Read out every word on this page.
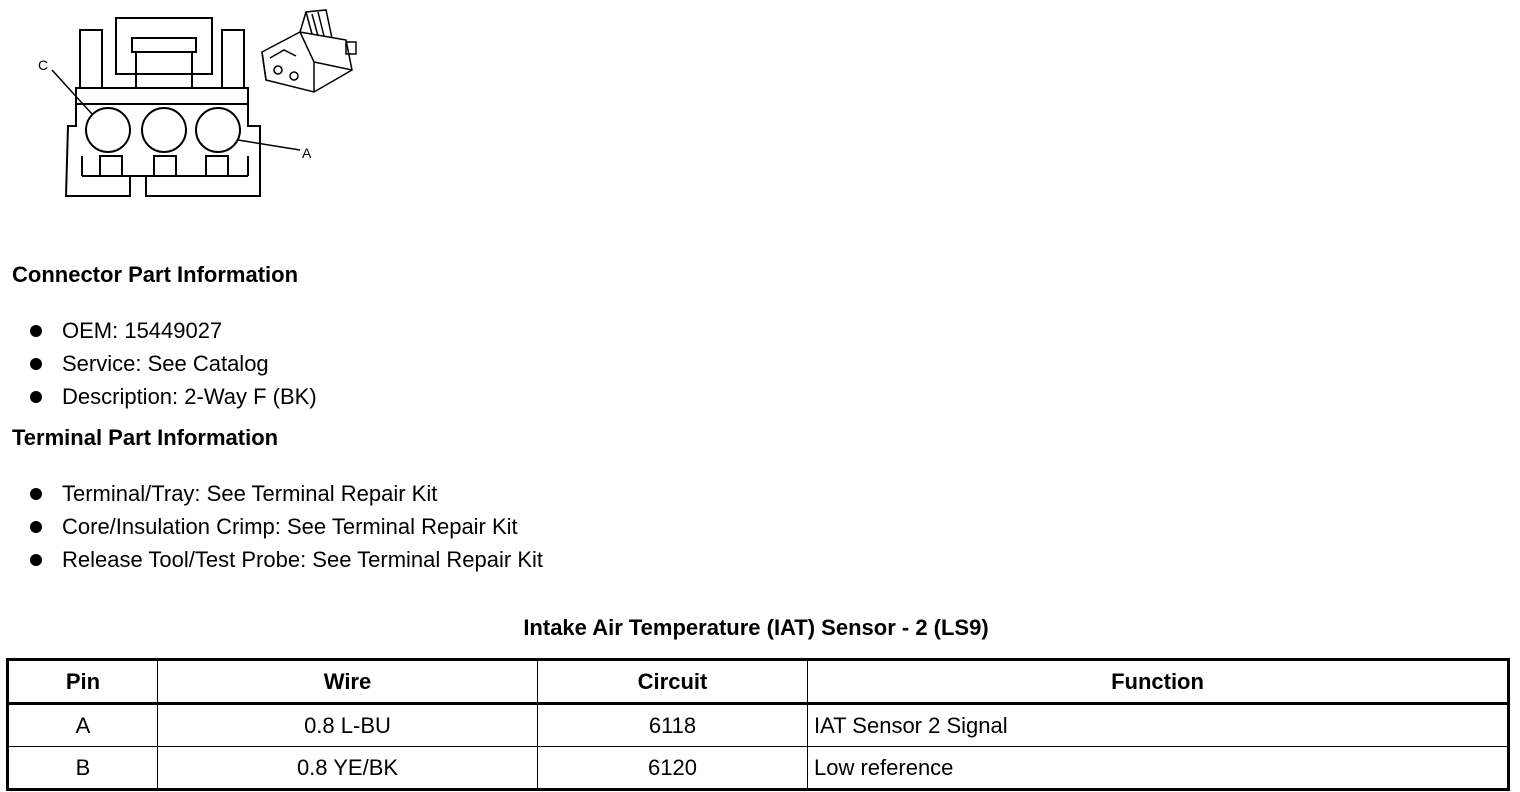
C
A
Connector Part Information
OEM: 15449027
Service: See Catalog
Description: 2-Way F (BK)
Terminal Part Information
Terminal/Tray: See Terminal Repair Kit
Core/Insulation Crimp: See Terminal Repair Kit
Release Tool/Test Probe: See Terminal Repair Kit
Intake Air Temperature (IAT) Sensor - 2 (LS9)
Pin	Wire	Circuit	Function
A	0.8 L-BU	6118	IAT Sensor 2 Signal
B	0.8 YE/BK	6120	Low reference
